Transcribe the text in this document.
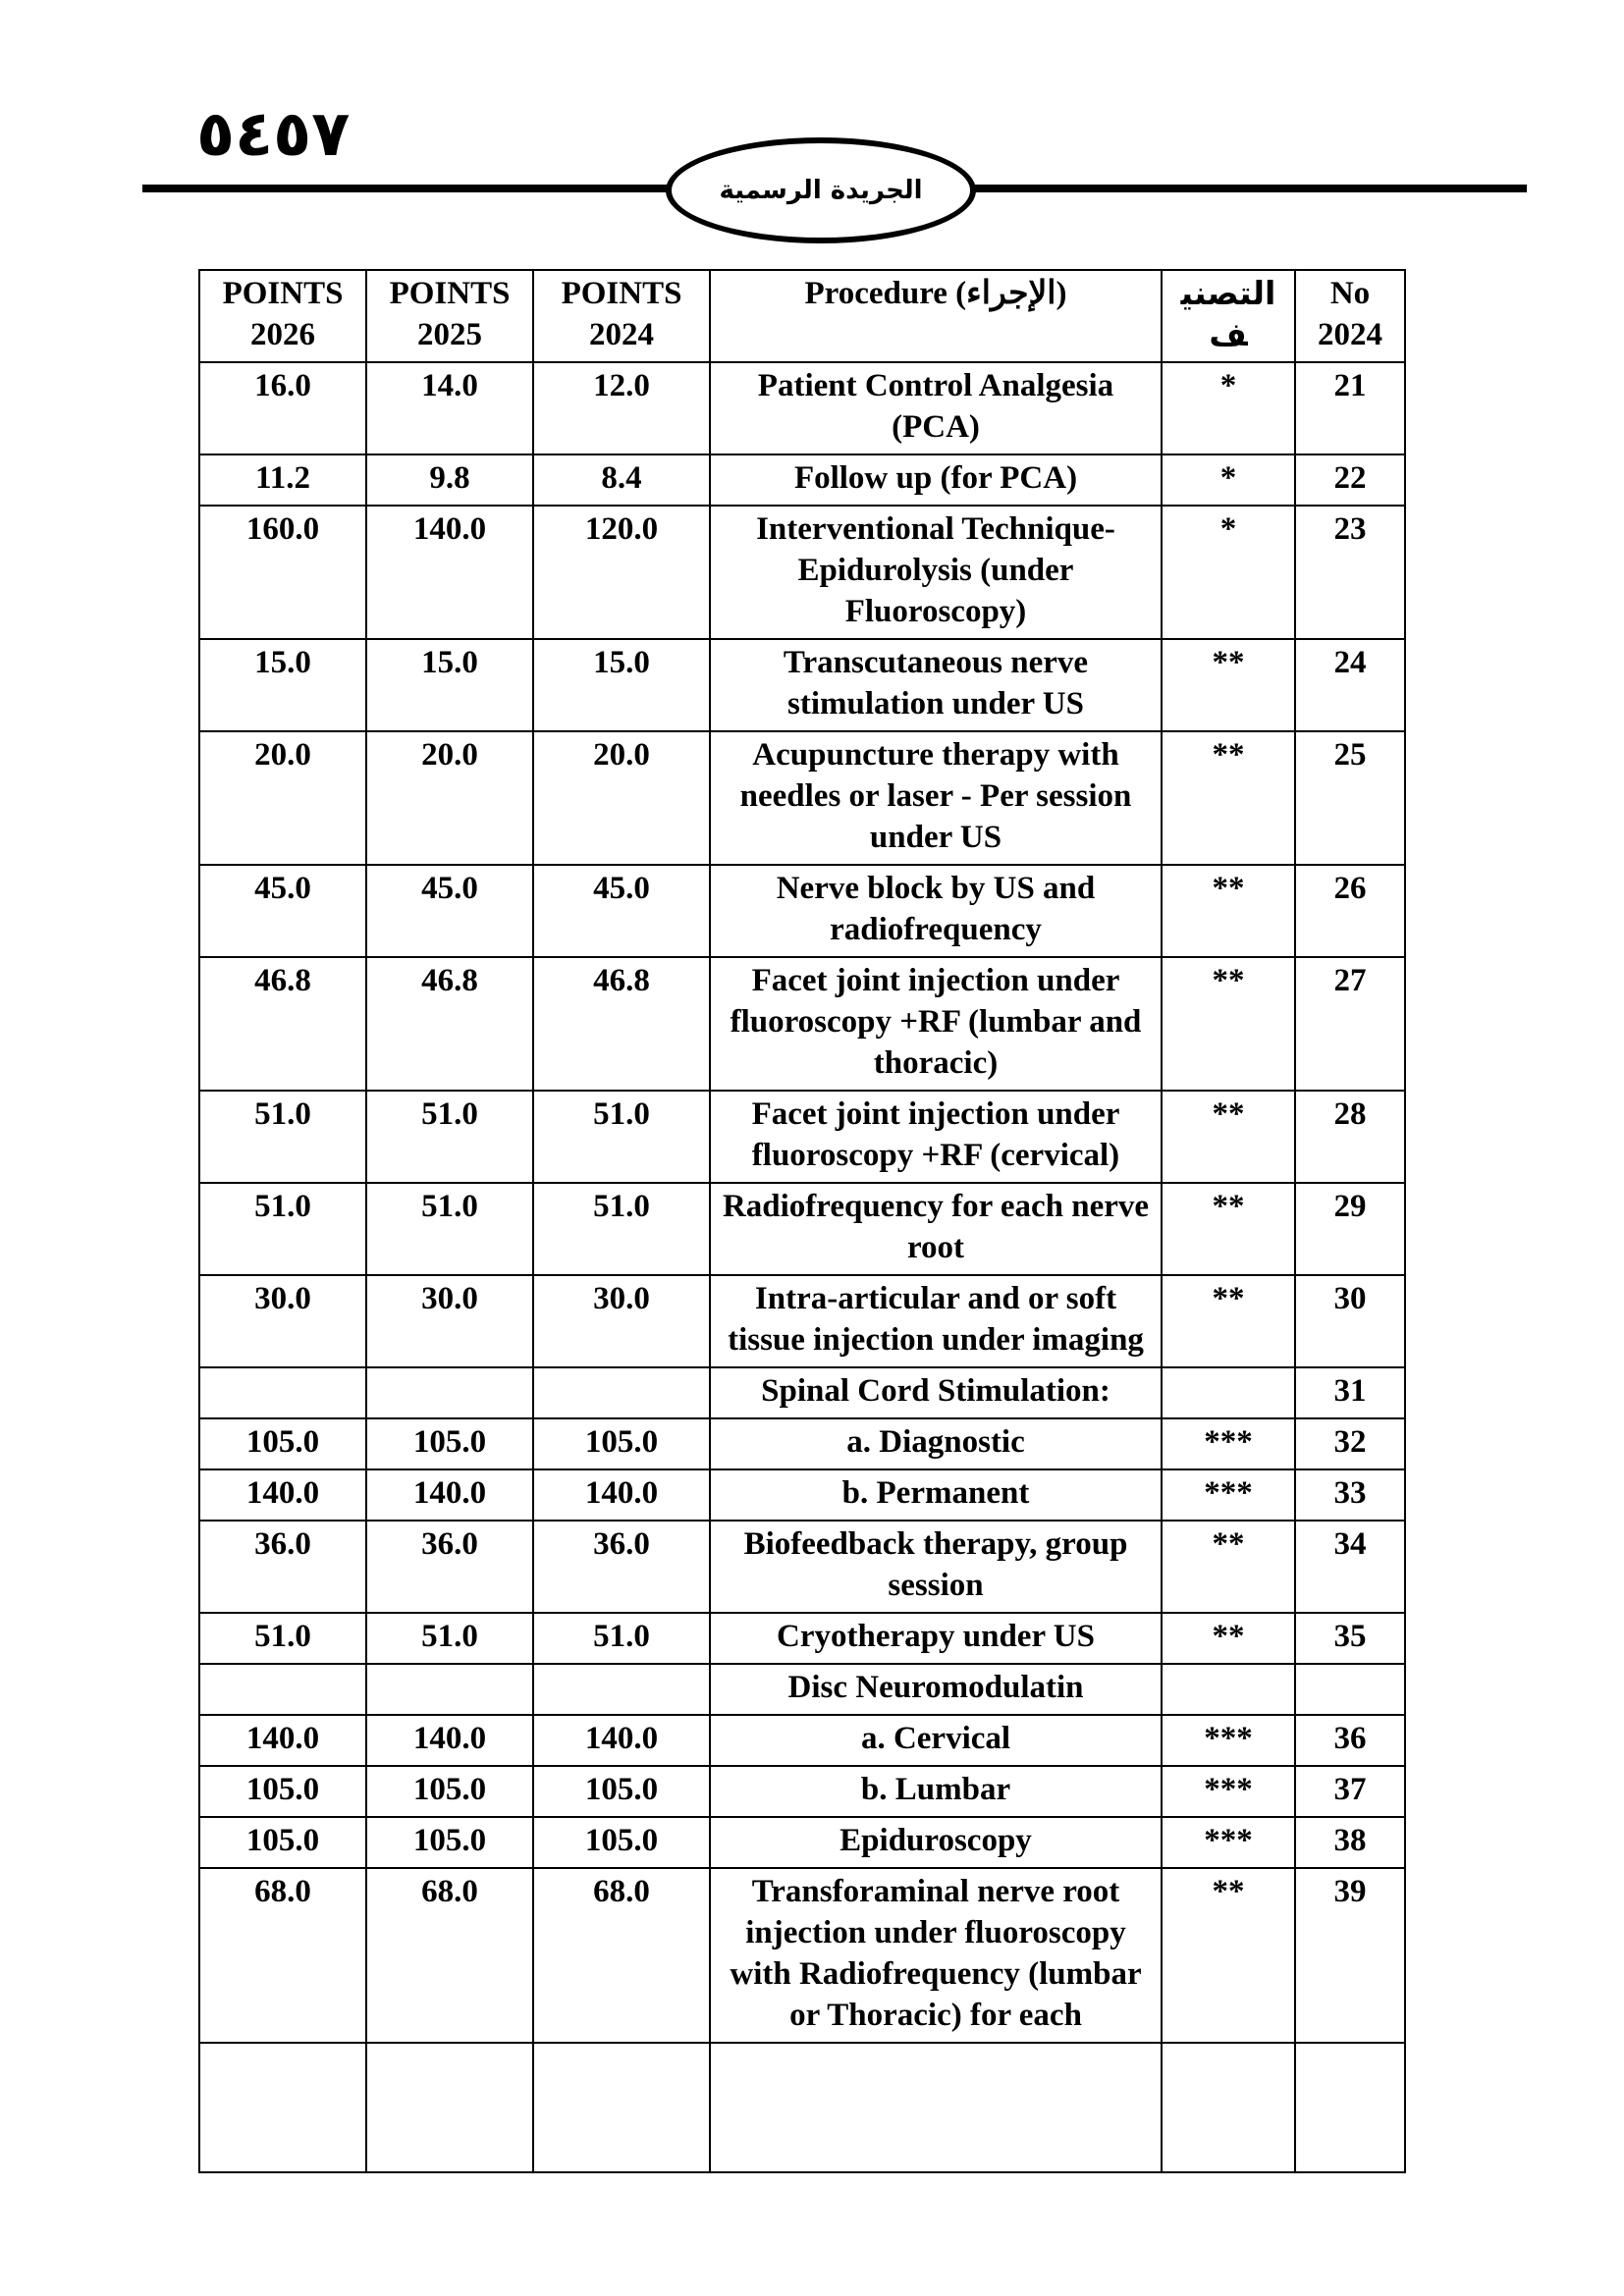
٥٤٥٧
الجريدة الرسمية
POINTS 2026	POINTS 2025	POINTS 2024	Procedure (الإجراء)	التصنيف	No 2024
16.0	14.0	12.0	Patient Control Analgesia (PCA)	*	21
11.2	9.8	8.4	Follow up (for PCA)	*	22
160.0	140.0	120.0	Interventional Technique- Epidurolysis (under Fluoroscopy)	*	23
15.0	15.0	15.0	Transcutaneous nerve stimulation under US	**	24
20.0	20.0	20.0	Acupuncture therapy with needles or laser - Per session under US	**	25
45.0	45.0	45.0	Nerve block by US and radiofrequency	**	26
46.8	46.8	46.8	Facet joint injection under fluoroscopy +RF (lumbar and thoracic)	**	27
51.0	51.0	51.0	Facet joint injection under fluoroscopy +RF (cervical)	**	28
51.0	51.0	51.0	Radiofrequency for each nerve root	**	29
30.0	30.0	30.0	Intra-articular and or soft tissue injection under imaging	**	30
			Spinal Cord Stimulation:		31
105.0	105.0	105.0	a. Diagnostic	***	32
140.0	140.0	140.0	b. Permanent	***	33
36.0	36.0	36.0	Biofeedback therapy, group session	**	34
51.0	51.0	51.0	Cryotherapy under US	**	35
			Disc Neuromodulatin		
140.0	140.0	140.0	a. Cervical	***	36
105.0	105.0	105.0	b. Lumbar	***	37
105.0	105.0	105.0	Epiduroscopy	***	38
68.0	68.0	68.0	Transforaminal nerve root injection under fluoroscopy with Radiofrequency (lumbar or Thoracic) for each	**	39
